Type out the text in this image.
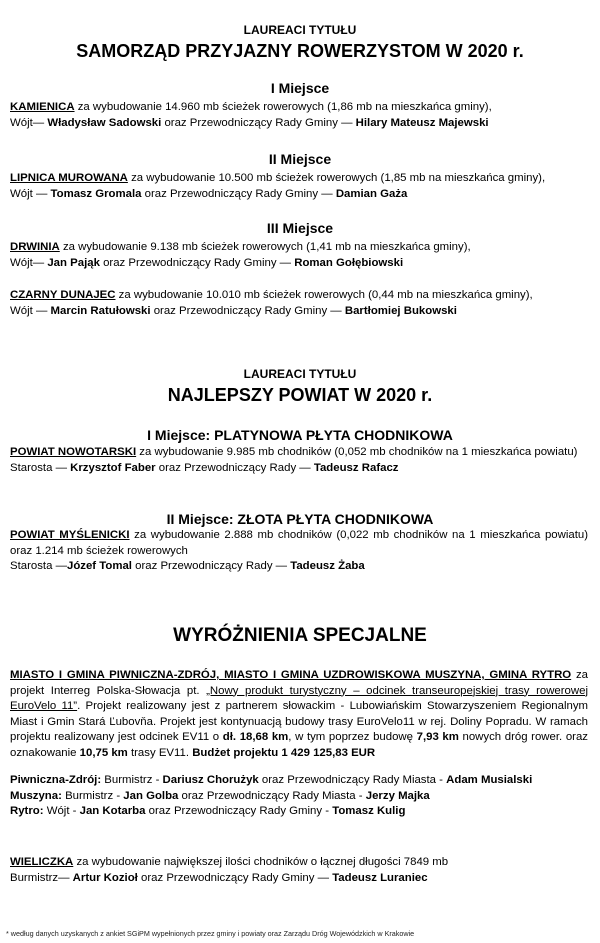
LAUREACI TYTUŁU
SAMORZĄD PRZYJAZNY ROWERZYSTOM W 2020 r.
I Miejsce
KAMIENICA za wybudowanie 14.960 mb ścieżek rowerowych (1,86 mb na mieszkańca gminy),
Wójt— Władysław Sadowski oraz Przewodniczący Rady Gminy — Hilary Mateusz Majewski
II Miejsce
LIPNICA MUROWANA za wybudowanie 10.500 mb ścieżek rowerowych (1,85 mb na mieszkańca gminy),
Wójt — Tomasz Gromala oraz Przewodniczący Rady Gminy — Damian Gaża
III Miejsce
DRWINIA za wybudowanie 9.138 mb ścieżek rowerowych (1,41 mb na mieszkańca gminy),
Wójt— Jan Pająk oraz Przewodniczący Rady Gminy — Roman Gołębiowski
CZARNY DUNAJEC za wybudowanie 10.010 mb ścieżek rowerowych (0,44 mb na mieszkańca gminy),
Wójt — Marcin Ratułowski oraz Przewodniczący Rady Gminy — Bartłomiej Bukowski
LAUREACI TYTUŁU
NAJLEPSZY POWIAT W 2020 r.
I Miejsce: PLATYNOWA PŁYTA CHODNIKOWA
POWIAT NOWOTARSKI za wybudowanie 9.985 mb chodników (0,052 mb chodników na 1 mieszkańca powiatu)
Starosta — Krzysztof Faber oraz Przewodniczący Rady — Tadeusz Rafacz
II Miejsce: ZŁOTA PŁYTA CHODNIKOWA
POWIAT MYŚLENICKI za wybudowanie 2.888 mb chodników (0,022 mb chodników na 1 mieszkańca powiatu) oraz 1.214 mb ścieżek rowerowych
Starosta —Józef Tomal oraz Przewodniczący Rady — Tadeusz Żaba
WYRÓŻNIENIA SPECJALNE
MIASTO I GMINA PIWNICZNA-ZDRÓJ, MIASTO I GMINA UZDROWISKOWA MUSZYNA, GMINA RYTRO za projekt Interreg Polska-Słowacja pt. „Nowy produkt turystyczny – odcinek transeuropejskiej trasy rowerowej EuroVelo 11”. Projekt realizowany jest z partnerem słowackim - Lubowiańskim Stowarzyszeniem Regionalnym Miast i Gmin Stará Ľubovňa. Projekt jest kontynuacją budowy trasy EuroVelo11 w rej. Doliny Popradu. W ramach projektu realizowany jest odcinek EV11 o dł. 18,68 km, w tym poprzez budowę 7,93 km nowych dróg rower. oraz oznakowanie 10,75 km trasy EV11. Budżet projektu 1 429 125,83 EUR
Piwniczna-Zdrój: Burmistrz - Dariusz Chorużyk oraz Przewodniczący Rady Miasta - Adam Musialski
Muszyna: Burmistrz - Jan Golba oraz Przewodniczący Rady Miasta - Jerzy Majka
Rytro: Wójt - Jan Kotarba oraz Przewodniczący Rady Gminy - Tomasz Kulig
WIELICZKA za wybudowanie największej ilości chodników o łącznej długości 7849 mb
Burmistrz— Artur Kozioł oraz Przewodniczący Rady Gminy — Tadeusz Luraniec
* według danych uzyskanych z ankiet SGiPM wypełnionych przez gminy i powiaty oraz Zarządu Dróg Wojewódzkich w Krakowie
